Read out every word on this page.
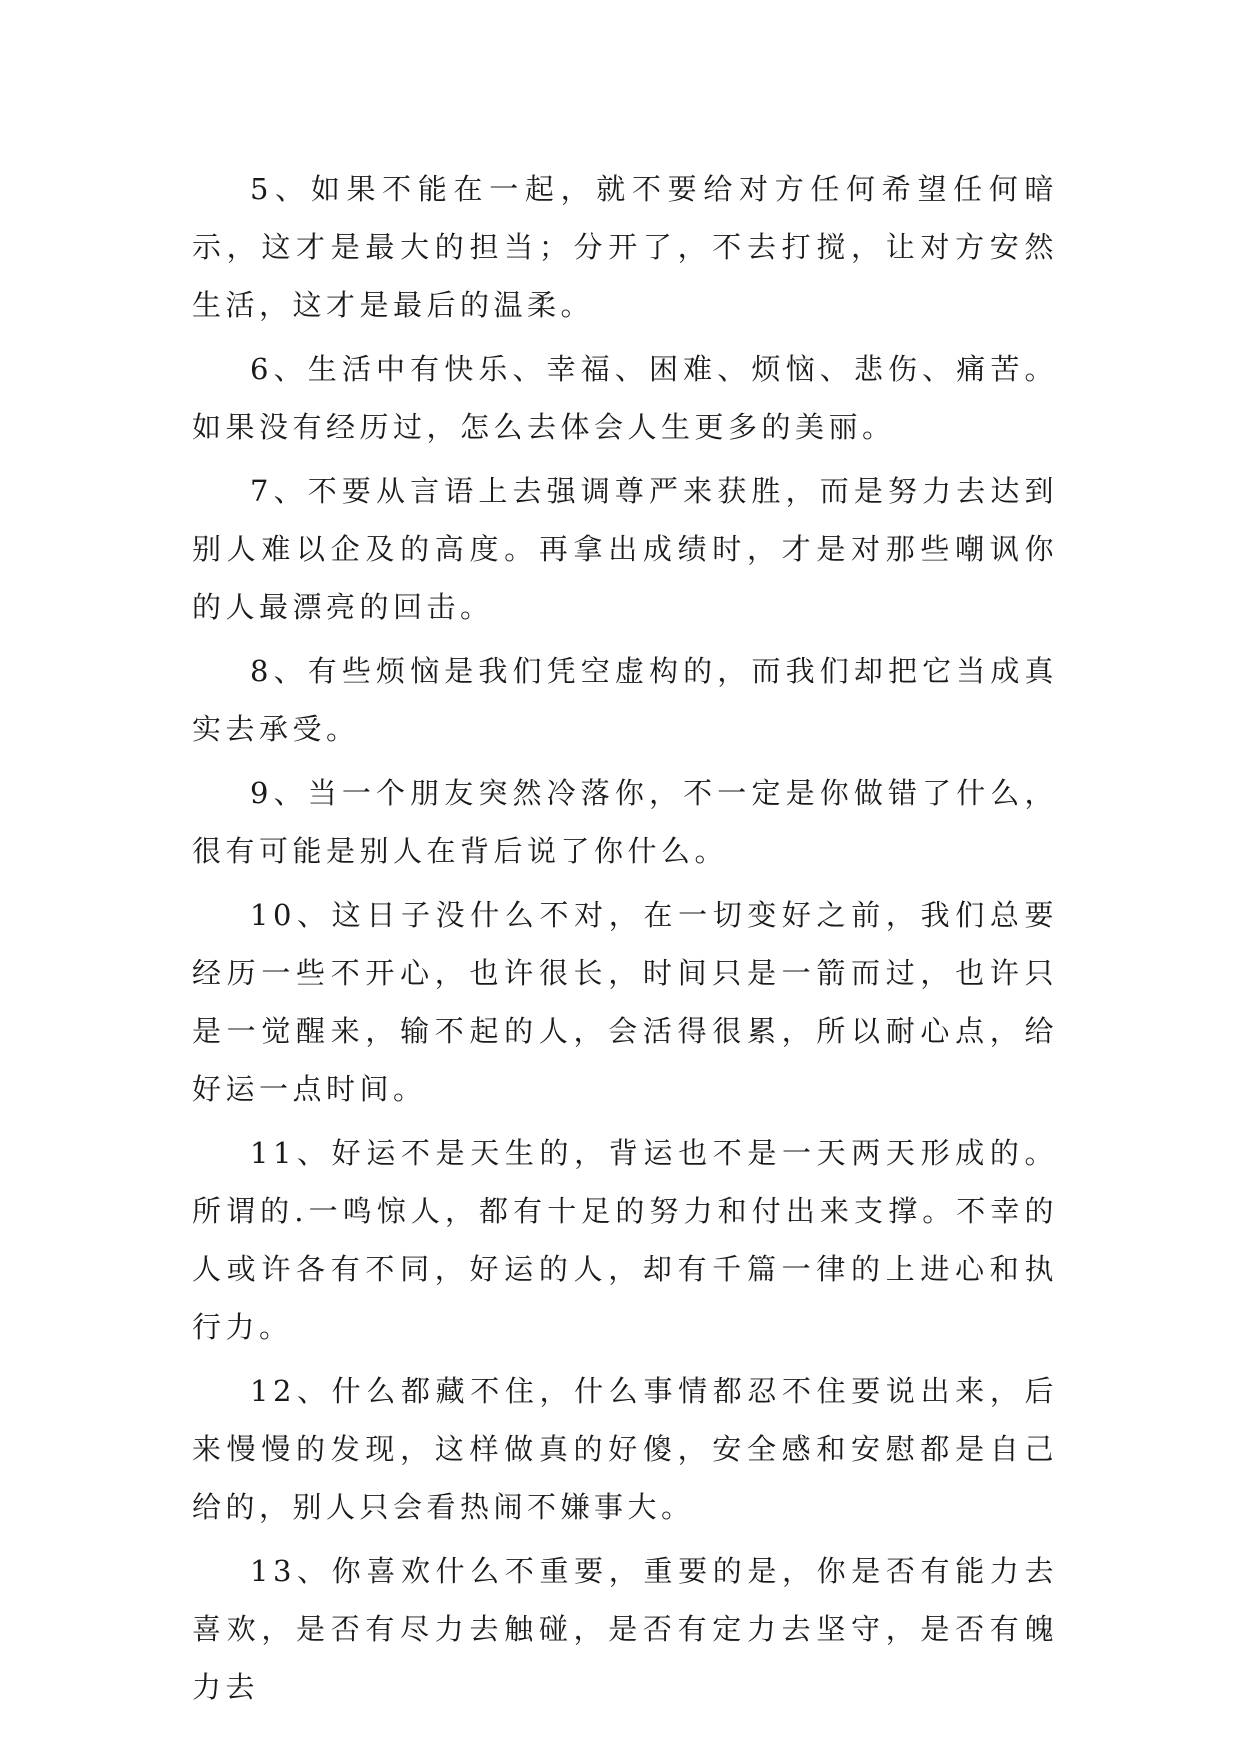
5、如果不能在一起，就不要给对方任何希望任何暗示，这才是最大的担当；分开了，不去打搅，让对方安然生活，这才是最后的温柔。

6、生活中有快乐、幸福、困难、烦恼、悲伤、痛苦。如果没有经历过，怎么去体会人生更多的美丽。

7、不要从言语上去强调尊严来获胜，而是努力去达到别人难以企及的高度。再拿出成绩时，才是对那些嘲讽你的人最漂亮的回击。

8、有些烦恼是我们凭空虚构的，而我们却把它当成真实去承受。

9、当一个朋友突然冷落你，不一定是你做错了什么，很有可能是别人在背后说了你什么。

10、这日子没什么不对，在一切变好之前，我们总要经历一些不开心，也许很长，时间只是一箭而过，也许只是一觉醒来，输不起的人，会活得很累，所以耐心点，给好运一点时间。

11、好运不是天生的，背运也不是一天两天形成的。所谓的.一鸣惊人，都有十足的努力和付出来支撑。不幸的人或许各有不同，好运的人，却有千篇一律的上进心和执行力。

12、什么都藏不住，什么事情都忍不住要说出来，后来慢慢的发现，这样做真的好傻，安全感和安慰都是自己给的，别人只会看热闹不嫌事大。

13、你喜欢什么不重要，重要的是，你是否有能力去喜欢，是否有尽力去触碰，是否有定力去坚守，是否有魄力去
